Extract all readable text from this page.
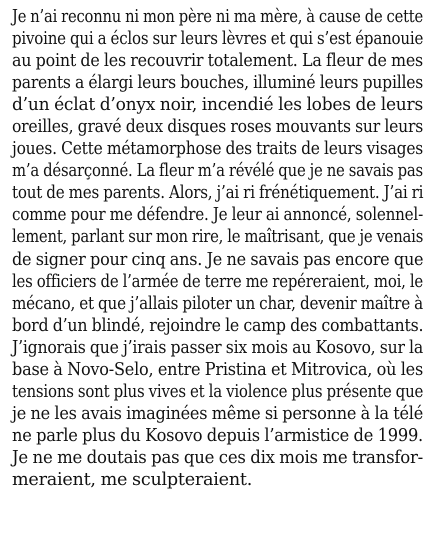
Je n’ai reconnu ni mon père ni ma mère, à cause de cette
pivoine qui a éclos sur leurs lèvres et qui s’est épanouie
au point de les recouvrir totalement. La fleur de mes
parents a élargi leurs bouches, illuminé leurs pupilles
d’un éclat d’onyx noir, incendié les lobes de leurs
oreilles, gravé deux disques roses mouvants sur leurs
joues. Cette métamorphose des traits de leurs visages
m’a désarçonné. La fleur m’a révélé que je ne savais pas
tout de mes parents. Alors, j’ai ri frénétiquement. J’ai ri
comme pour me défendre. Je leur ai annoncé, solennel-
lement, parlant sur mon rire, le maîtrisant, que je venais
de signer pour cinq ans. Je ne savais pas encore que
les officiers de l’armée de terre me repéreraient, moi, le
mécano, et que j’allais piloter un char, devenir maître à
bord d’un blindé, rejoindre le camp des combattants.
J’ignorais que j’irais passer six mois au Kosovo, sur la
base à Novo-Selo, entre Pristina et Mitrovica, où les
tensions sont plus vives et la violence plus présente que
je ne les avais imaginées même si personne à la télé
ne parle plus du Kosovo depuis l’armistice de 1999.
Je ne me doutais pas que ces dix mois me transfor-
meraient, me sculpteraient.
